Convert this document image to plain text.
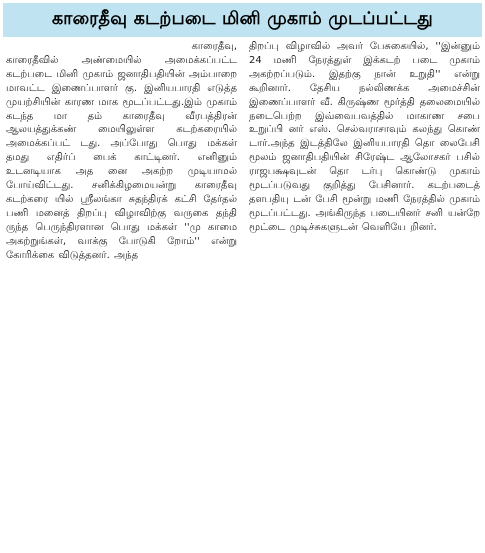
காரைதீவு கடற்படை மினி முகாம் முடப்பட்டது

காரைதீவு,
காரைதீவில் அண்மையில் அமைக்கப்பட்ட கடற்படை மினி முகாம் ஜனாதிபதியின் அம்பாறை மாவட்ட இணைப்பாளர் கு. இனியபாரதி எடுத்த முயற்சியின் காரண மாக மூடப்பட்டது.இம் முகாம் கடந்த மா தம் காரைதீவு வீரபத்திரன் ஆலயத்துக்கண் மையிலுள்ள கடற்கரையில் அமைக்கப்பட் டது. அப்போது பொது மக்கள் தமது எதிர்ப் பைக் காட்டினர். எனினும் உடனடியாக அத னை அகற்ற முடியாமல் போய்விட்டது. சனிக்கிழமையன்று காரைதீவு கடற்கரை யில் ஸ்ரீலங்கா சுதந்திரக் கட்சி தேர்தல் பணி மனைத் திறப்பு விழாவிற்கு வருகை தந்தி ருந்த பெருந்திரளான பொது மக்கள் ''மு காமை அகற்றுங்கள், வாக்கு போடுகி றோம்'' என்று கோரிக்கை விடுத்தனர். அந்த

திறப்பு விழாவில் அவர் பேசுகையில், ''இன்னும் 24 மணி நேரத்துள் இக்கடற் படை முகாம் அகற்றப்படும். இதற்கு நான் உறுதி'' என்று கூறினார். தேசிய நல்லிணக்க அமைச்சின் இணைப்பாளர் வீ. கிருஷ்ண மூர்த்தி தலைமையில் நடைபெற்ற இவ்வைபவத்தில் மாகாண சபை உறுப்பி னர் எஸ். செல்வராசாவும் கலந்து கொண் டார்.அந்த இடத்திலே இனியபாரதி தொ லைபேசி மூலம் ஜனாதிபதியின் சிரேஷ்ட ஆலோசகர் பசில் ராஜபக்ஷவுடன் தொ டர்பு கொண்டு முகாம் மூடப்படுவது குறித்து பேசினார். கடற்படைத் தளபதியு டன் பேசி மூன்று மணி நேரத்தில் முகாம் மூடப்பட்டது. அங்கிருந்த படையினர் சனி யன்றே மூட்டை முடிச்சுகளுடன் வெளியே றினர்.
